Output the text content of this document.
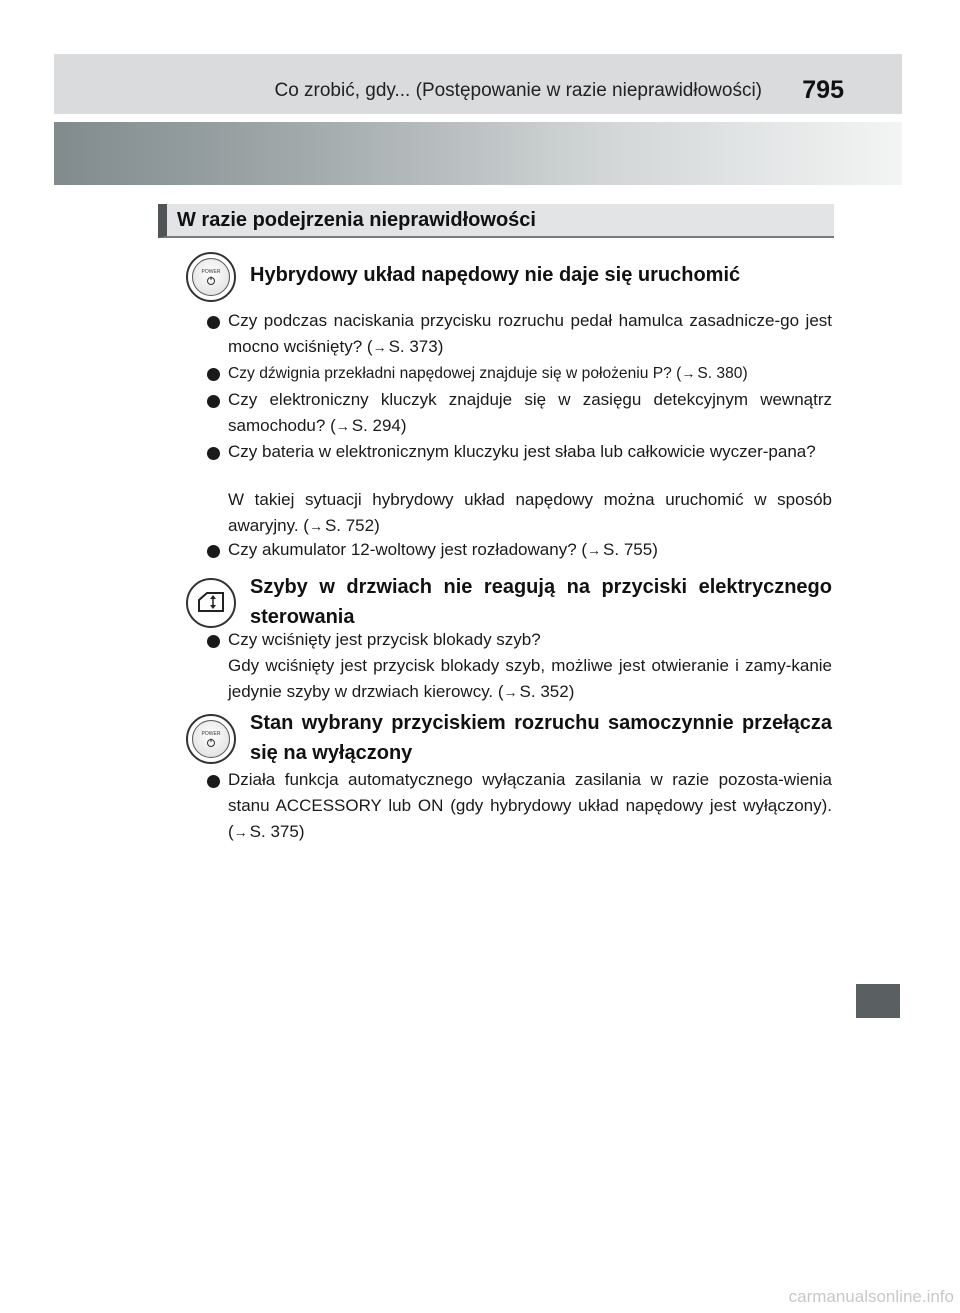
Co zrobić, gdy... (Postępowanie w razie nieprawidłowości) 795
W razie podejrzenia nieprawidłowości
POWER Hybrydowy układ napędowy nie daje się uruchomić
Czy podczas naciskania przycisku rozruchu pedał hamulca zasadnicze-go jest mocno wciśnięty? ( → S. 373)
Czy dźwignia przekładni napędowej znajduje się w położeniu P? ( → S. 380)
Czy elektroniczny kluczyk znajduje się w zasięgu detekcyjnym wewnątrz samochodu? ( → S. 294)
Czy bateria w elektronicznym kluczyku jest słaba lub całkowicie wyczer-pana?
W takiej sytuacji hybrydowy układ napędowy można uruchomić w sposób awaryjny. ( → S. 752)
Czy akumulator 12-woltowy jest rozładowany? ( → S. 755)
Szyby w drzwiach nie reagują na przyciski elektrycznego sterowania
Czy wciśnięty jest przycisk blokady szyb?
Gdy wciśnięty jest przycisk blokady szyb, możliwe jest otwieranie i zamy-kanie jedynie szyby w drzwiach kierowcy. ( → S. 352)
POWER Stan wybrany przyciskiem rozruchu samoczynnie przełącza się na wyłączony
Działa funkcja automatycznego wyłączania zasilania w razie pozosta-wienia stanu ACCESSORY lub ON (gdy hybrydowy układ napędowy jest wyłączony). ( → S. 375)
carmanualsonline.info
